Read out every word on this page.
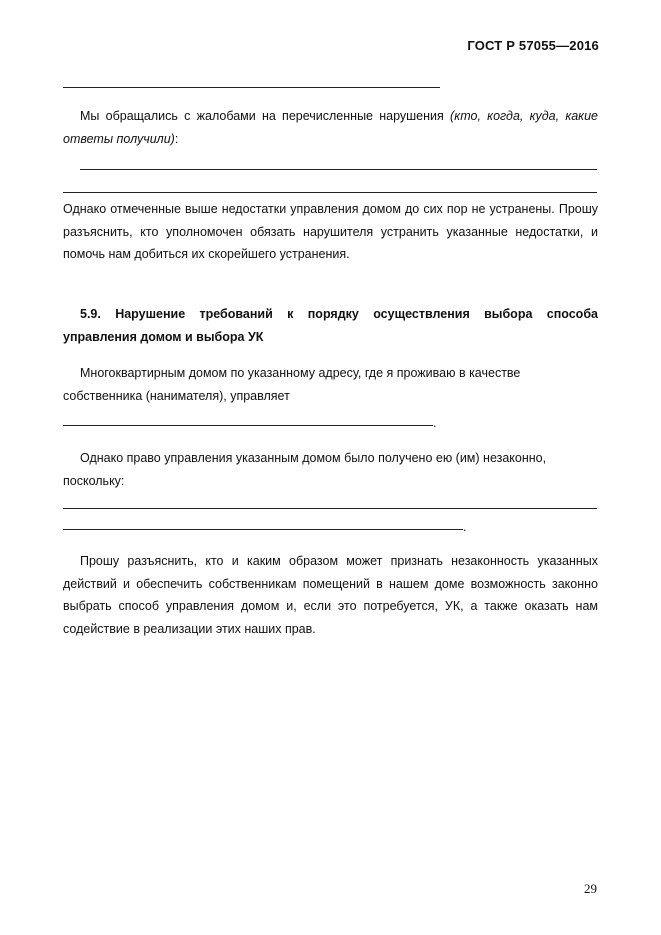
ГОСТ Р 57055—2016
Мы обращались с жалобами на перечисленные нарушения (кто, когда, куда, какие ответы получили):
Однако отмеченные выше недостатки управления домом до сих пор не устранены. Прошу разъяснить, кто уполномочен обязать нарушителя устранить указанные недостатки, и помочь нам добиться их скорейшего устранения.
5.9. Нарушение требований к порядку осуществления выбора способа управления домом и выбора УК
Многоквартирным домом по указанному адресу, где я проживаю в качестве собственника (нанимателя), управляет
.
Однако право управления указанным домом было получено ею (им) незаконно, поскольку:
.
Прошу разъяснить, кто и каким образом может признать незаконность указанных действий и обеспечить собственникам помещений в нашем доме возможность законно выбрать способ управления домом и, если это потребуется, УК, а также оказать нам содействие в реализации этих наших прав.
29
